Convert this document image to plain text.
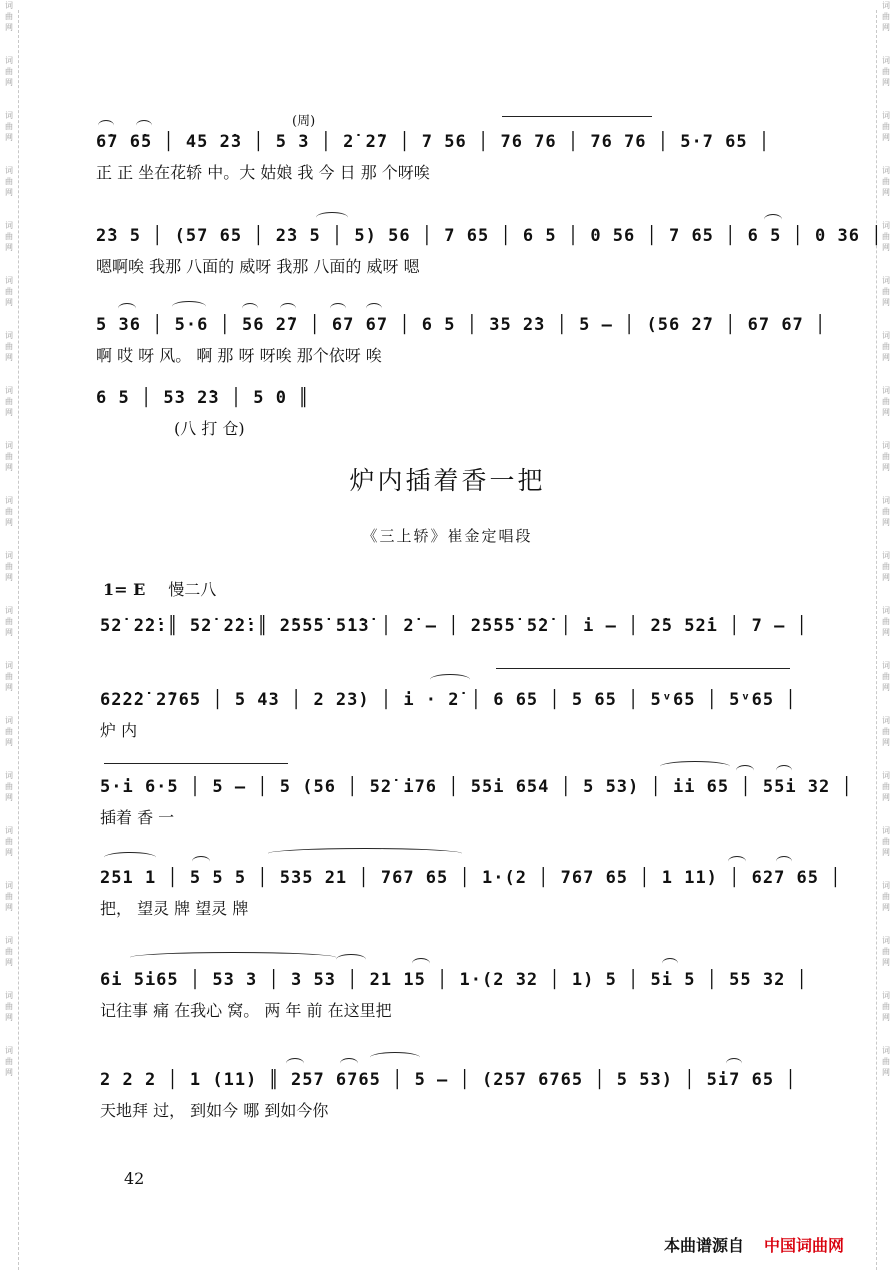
词
曲
网
词
曲
网
词
曲
网
词
曲
网
词
曲
网
词
曲
网
词
曲
网
词
曲
网
词
曲
网
词
曲
网
词
曲
网
词
曲
网
词
曲
网
词
曲
网
词
曲
网
词
曲
网
词
曲
网
词
曲
网
词
曲
网
词
曲
网
词
曲
网
词
曲
网
词
曲
网
词
曲
网
词
曲
网
词
曲
网
词
曲
网
词
曲
网
词
曲
网
词
曲
网
词
曲
网
词
曲
网
词
曲
网
词
曲
网
词
曲
网
词
曲
网
词
曲
网
词
曲
网
词
曲
网
词
曲
网
(周)
6̇7 6̇5 │ 45 2̇3 │ 5 3 │ 2̇ 2̇7 │ 7 56 │ 76 76 │ 76 76 │ 5·7 65 │
正 正 坐在花轿 中。大 姑娘 我 今 日 那 个呀唉
2̇3 5 │ (57 65 │ 2̇3 5 │ 5) 56 │ 7 65 │ 6 5 │ 0 56 │ 7 65 │ 6 5 │ 0 36 │
嗯啊唉 我那 八面的 威呀 我那 八面的 威呀 嗯
5 36 │ 5·6 │ 56 2̇7 │ 67 67 │ 6 5 │ 35 2̇3 │ 5 ― │ (56 2̇7 │ 67 67 │
啊 哎 呀 风。 啊 那 呀 呀唉 那个依呀 唉
6 5 │ 53 2̇3 │ 5 0 ║
(八 打 仓)
炉内插着香一把
《三上轿》崔金定唱段
1= E 慢二八
52̇ 2̇2̇:║ 52̇ 2̇2̇:║ 2̇5̇5̇5̇ 5̇1̇3̇ │ 2̇ ― │ 2̇5̇5̇5̇ 5̇2̇ │ i ― │ 2̇5 52̇i │ 7 ― │
62̇2̇2̇ 2̇765 │ 5 43 │ 2 23) │ i · 2̇ │ 6 65 │ 5 65 │ 5ᵛ65 │ 5ᵛ65 │
炉 内
5·i 6·5 │ 5 ― │ 5 (56 │ 52̇ i76 │ 55i 654 │ 5 53) │ ii 65 │ 55i 32 │
插着 香 一
251 1 │ 5 5 5 │ 535 21 │ 767 65 │ 1·(2 │ 767 65 │ 1 11) │ 627 65 │
把， 望灵 牌 望灵 牌
6i 5i65 │ 53 3 │ 3 53 │ 21 15 │ 1·(2 32 │ 1) 5 │ 5i 5 │ 55 32 │
记往事 痛 在我心 窝。 两 年 前 在这里把
2 2 2 │ 1 (11) ║ 257 6765 │ 5 ― │ (257 6765 │ 5 53) │ 5i7 65 │
天地拜 过， 到如今 哪 到如今你
42
本曲谱源自 中国词曲网
